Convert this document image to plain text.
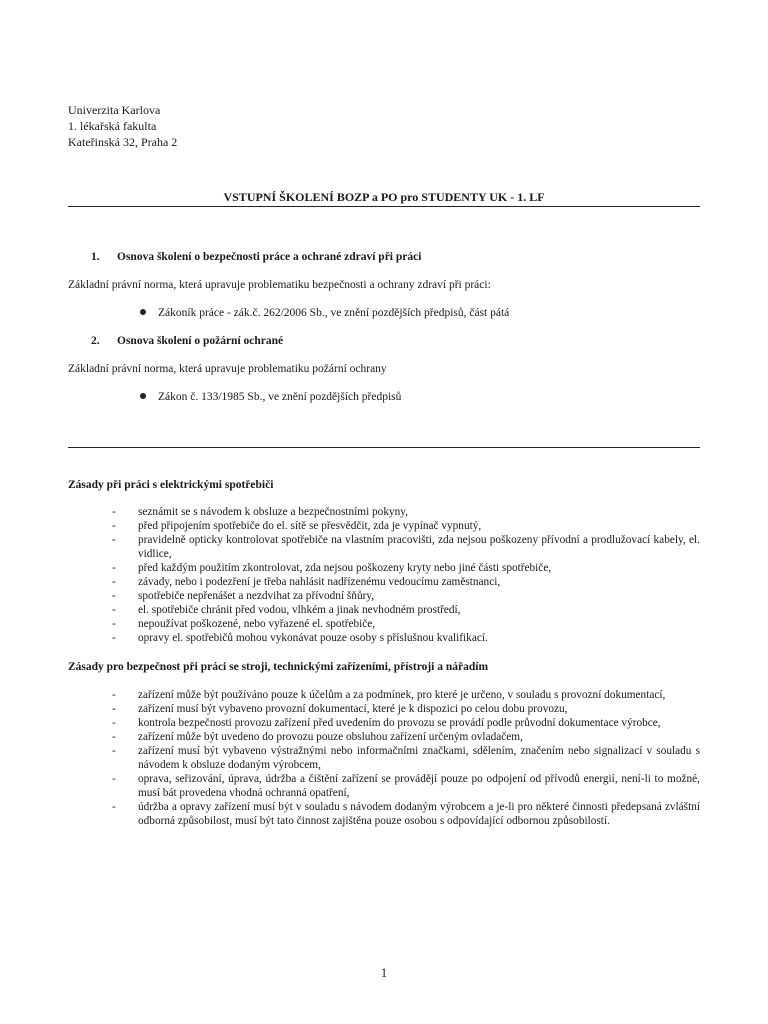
Univerzita Karlova
1. lékařská fakulta
Kateřinská 32, Praha 2
VSTUPNÍ ŠKOLENÍ BOZP a PO pro STUDENTY UK - 1. LF
1. Osnova školení o bezpečnosti práce a ochrané zdraví při práci
Základní právní norma, která upravuje problematiku bezpečnosti a ochrany zdraví při práci:
Zákoník práce - zák.č. 262/2006 Sb., ve znění pozdějších předpisů, část pátá
2. Osnova školení o požární ochrané
Základní právní norma, která upravuje problematiku požární ochrany
Zákon č. 133/1985 Sb., ve znění pozdějších předpisů
Zásady při práci s elektrickými spotřebiči
- seznámit se s návodem k obsluze a bezpečnostními pokyny,
- před připojením spotřebiče do el. sítě se přesvědčit, zda je vypínač vypnutý,
- pravidelně opticky kontrolovat spotřebiče na vlastním pracovišti, zda nejsou poškozeny přívodní a prodlužovací kabely, el. vidlice,
- před každým použitím zkontrolovat, zda nejsou poškozeny kryty nebo jiné části spotřebiče,
- závady, nebo i podezření je třeba nahlásit nadřízenému vedoucímu zaměstnanci,
- spotřebiče nepřenášet a nezdvihat za přívodní šňůry,
- el. spotřebiče chránit před vodou, vlhkém a jinak nevhodném prostředí,
- nepoužívat poškozené, nebo vyřazené el. spotřebiče,
- opravy el. spotřebičů mohou vykonávat pouze osoby s příslušnou kvalifikací.
Zásady pro bezpečnost při práci se stroji, technickými zařízeními, přístroji a nářadím
- zařízení může být používáno pouze k účelům a za podmínek, pro které je určeno, v souladu s provozní dokumentací,
- zařízení musí být vybaveno provozní dokumentací, které je k dispozici po celou dobu provozu,
- kontrola bezpečnosti provozu zařízení před uvedením do provozu se provádí podle průvodní dokumentace výrobce,
- zařízení může být uvedeno do provozu pouze obsluhou zařízení určeným ovladačem,
- zařízení musí být vybaveno výstražnými nebo informačními značkami, sdělením, značením nebo signalizací v souladu s návodem k obsluze dodaným výrobcem,
- oprava, seřizování, úprava, údržba a čištění zařízení se provádějí pouze po odpojení od přívodů energií, není-li to možné, musí bát provedena vhodná ochranná opatření,
- údržba a opravy zařízení musí být v souladu s návodem dodaným výrobcem a je-li pro některé činnosti předepsaná zvláštní odborná způsobilost, musí být tato činnost zajištěna pouze osobou s odpovídající odbornou způsobilostí.
1
